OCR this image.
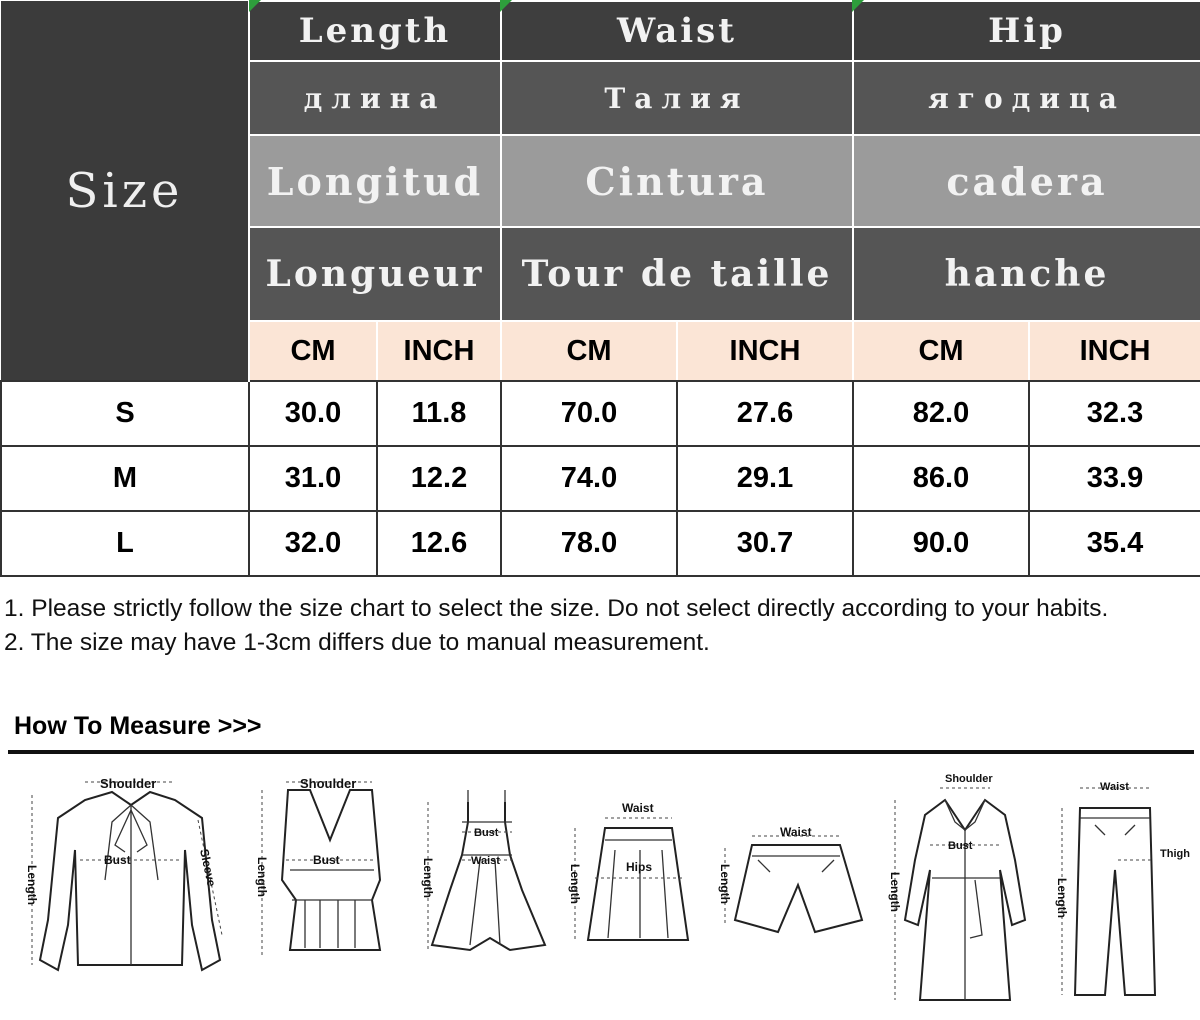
Size	Length		Waist		Hip	
	длина		Талия		ягодица	
	Longitud		Cintura		cadera	
	Longueur		Tour de taille		hanche	
	CM	INCH	CM	INCH	CM	INCH
S	30.0	11.8	70.0	27.6	82.0	32.3
M	31.0	12.2	74.0	29.1	86.0	33.9
L	32.0	12.6	78.0	30.7	90.0	35.4

1. Please strictly follow the size chart to select the size. Do not select directly according to your habits.

2. The size may have 1-3cm differs due to manual measurement.

How To Measure >>>
Shoulder
Bust
Length	Sleeve
Shoulder
Bust
Length
Bust
Waist
Length
Waist
Hips
Length
Waist
Length
Shoulder
Bust
Length
Waist
Thigh
Length
